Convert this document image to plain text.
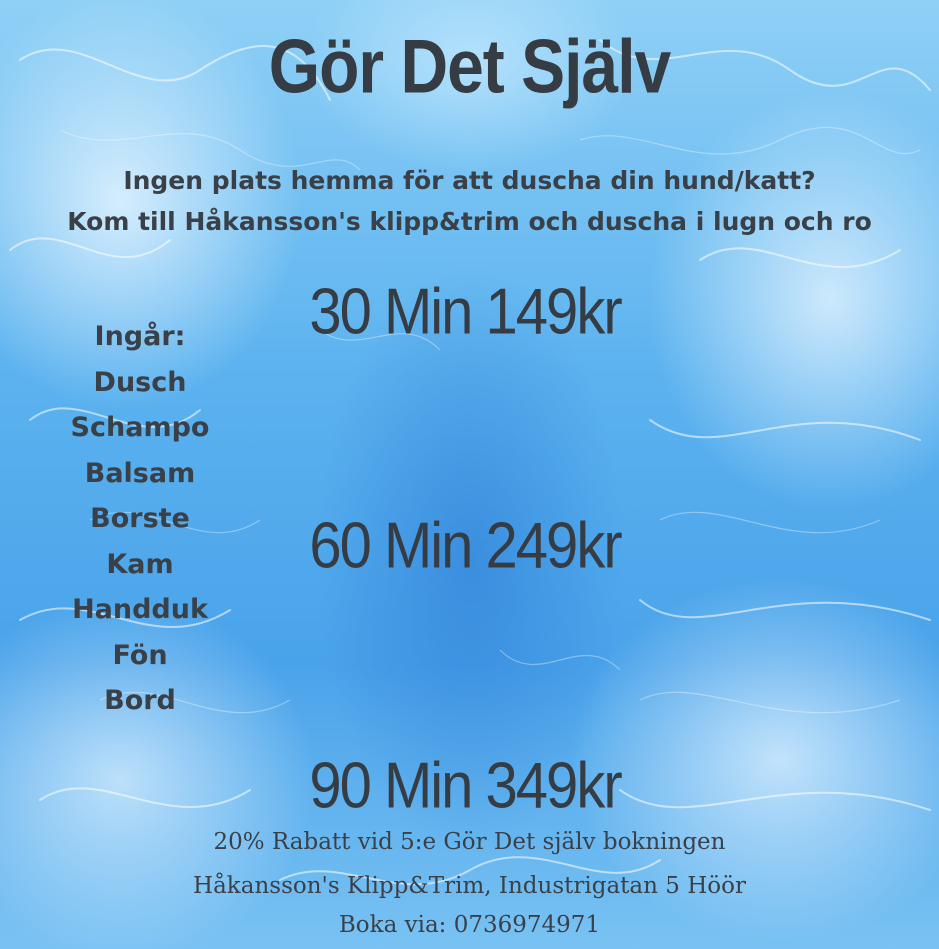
Gör Det Själv
Ingen plats hemma för att duscha din hund/katt?
Kom till Håkansson's klipp&trim och duscha i lugn och ro
30 Min 149kr
60 Min 249kr
90 Min 349kr
Ingår:
Dusch
Schampo
Balsam
Borste
Kam
Handduk
Fön
Bord
20% Rabatt vid 5:e Gör Det själv bokningen
Håkansson's Klipp&Trim, Industrigatan 5 Höör
Boka via: 0736974971
